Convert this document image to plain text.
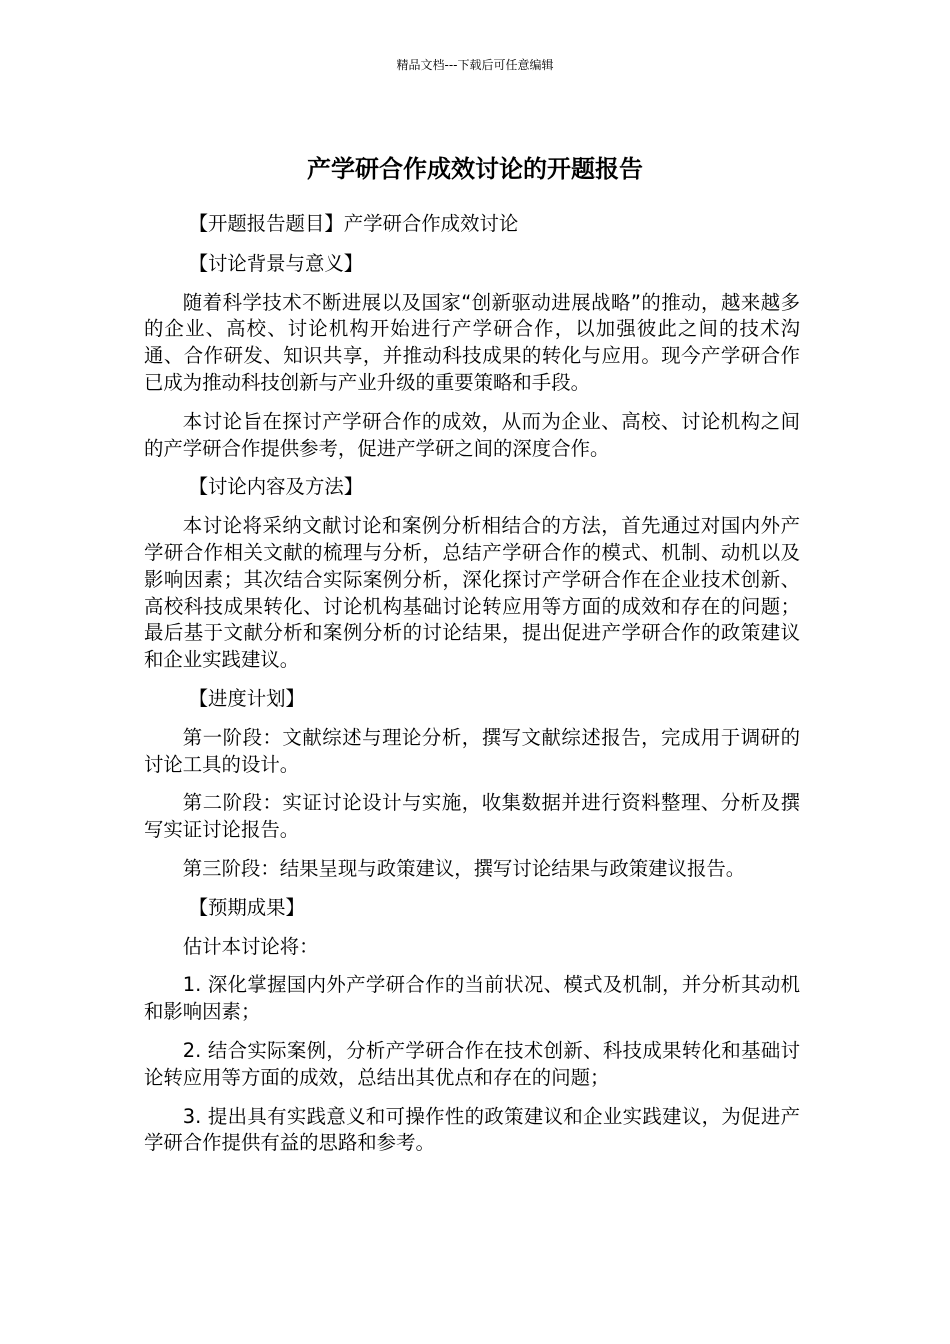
精品文档---下载后可任意编辑
产学研合作成效讨论的开题报告

【开题报告题目】产学研合作成效讨论

【讨论背景与意义】

随着科学技术不断进展以及国家“创新驱动进展战略”的推动，越来越多的企业、高校、讨论机构开始进行产学研合作，以加强彼此之间的技术沟通、合作研发、知识共享，并推动科技成果的转化与应用。现今产学研合作已成为推动科技创新与产业升级的重要策略和手段。

本讨论旨在探讨产学研合作的成效，从而为企业、高校、讨论机构之间的产学研合作提供参考，促进产学研之间的深度合作。

【讨论内容及方法】

本讨论将采纳文献讨论和案例分析相结合的方法，首先通过对国内外产学研合作相关文献的梳理与分析，总结产学研合作的模式、机制、动机以及影响因素；其次结合实际案例分析，深化探讨产学研合作在企业技术创新、高校科技成果转化、讨论机构基础讨论转应用等方面的成效和存在的问题；最后基于文献分析和案例分析的讨论结果，提出促进产学研合作的政策建议和企业实践建议。

【进度计划】

第一阶段：文献综述与理论分析，撰写文献综述报告，完成用于调研的讨论工具的设计。

第二阶段：实证讨论设计与实施，收集数据并进行资料整理、分析及撰写实证讨论报告。

第三阶段：结果呈现与政策建议，撰写讨论结果与政策建议报告。

【预期成果】

估计本讨论将：

1. 深化掌握国内外产学研合作的当前状况、模式及机制，并分析其动机和影响因素；

2. 结合实际案例，分析产学研合作在技术创新、科技成果转化和基础讨论转应用等方面的成效，总结出其优点和存在的问题；

3. 提出具有实践意义和可操作性的政策建议和企业实践建议，为促进产学研合作提供有益的思路和参考。
